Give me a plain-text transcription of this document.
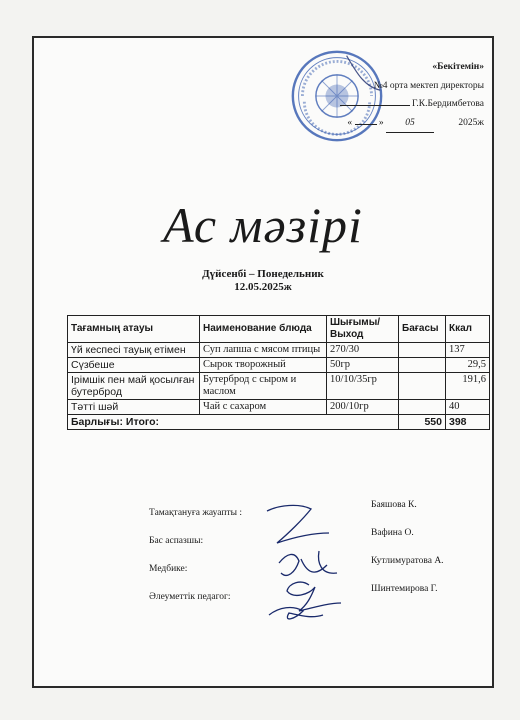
«Бекітемін»
№4 орта мектеп директоры
Г.К.Бердимбетова
«	» 05	2025ж
Ас мәзірі
Дүйсенбі – Понедельник
12.05.2025ж
Тағамның атауы	Наименование блюда	Шығымы/ Выход	Бағасы	Ккал
Үй кеспесі тауық етімен	Суп лапша с мясом птицы	270/30		137
Сүзбеше	Сырок творожный	50гр		29,5
Ірімшік пен май қосылған бутерброд	Бутерброд с сыром и маслом	10/10/35гр		191,6
Тәтті шәй	Чай с сахаром	200/10гр		40
Барлығы: Итого:			550	398
Тамақтануға жауапты :
Баяшова К.
Бас аспазшы:
Вафина О.
Медбике:
Кутлимуратова А.
Әлеуметтік педагог:
Шинтемирова Г.
